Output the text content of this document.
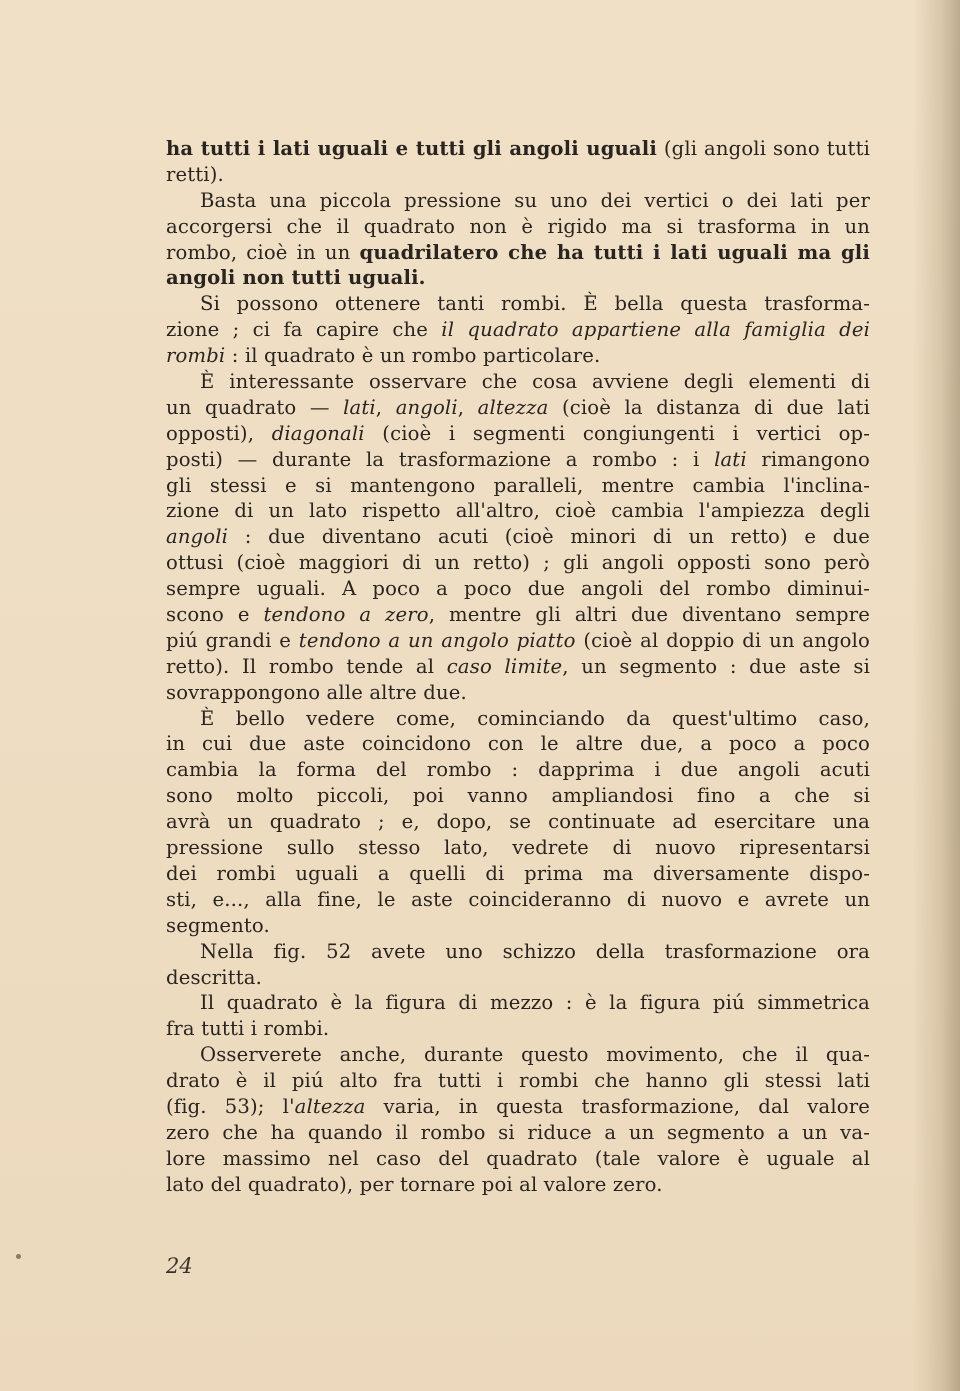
ha tutti i lati uguali e tutti gli angoli uguali (gli angoli sono tutti
retti).
Basta una piccola pressione su uno dei vertici o dei lati per
accorgersi che il quadrato non è rigido ma si trasforma in un
rombo, cioè in un quadrilatero che ha tutti i lati uguali ma gli
angoli non tutti uguali.
Si possono ottenere tanti rombi. È bella questa trasforma-
zione ; ci fa capire che il quadrato appartiene alla famiglia dei
rombi : il quadrato è un rombo particolare.
È interessante osservare che cosa avviene degli elementi di
un quadrato — lati, angoli, altezza (cioè la distanza di due lati
opposti), diagonali (cioè i segmenti congiungenti i vertici op-
posti) — durante la trasformazione a rombo : i lati rimangono
gli stessi e si mantengono paralleli, mentre cambia l'inclina-
zione di un lato rispetto all'altro, cioè cambia l'ampiezza degli
angoli : due diventano acuti (cioè minori di un retto) e due
ottusi (cioè maggiori di un retto) ; gli angoli opposti sono però
sempre uguali. A poco a poco due angoli del rombo diminui-
scono e tendono a zero, mentre gli altri due diventano sempre
piú grandi e tendono a un angolo piatto (cioè al doppio di un angolo
retto). Il rombo tende al caso limite, un segmento : due aste si
sovrappongono alle altre due.
È bello vedere come, cominciando da quest'ultimo caso,
in cui due aste coincidono con le altre due, a poco a poco
cambia la forma del rombo : dapprima i due angoli acuti
sono molto piccoli, poi vanno ampliandosi fino a che si
avrà un quadrato ; e, dopo, se continuate ad esercitare una
pressione sullo stesso lato, vedrete di nuovo ripresentarsi
dei rombi uguali a quelli di prima ma diversamente dispo-
sti, e..., alla fine, le aste coincideranno di nuovo e avrete un
segmento.
Nella fig. 52 avete uno schizzo della trasformazione ora
descritta.
Il quadrato è la figura di mezzo : è la figura piú simmetrica
fra tutti i rombi.
Osserverete anche, durante questo movimento, che il qua-
drato è il piú alto fra tutti i rombi che hanno gli stessi lati
(fig. 53); l'altezza varia, in questa trasformazione, dal valore
zero che ha quando il rombo si riduce a un segmento a un va-
lore massimo nel caso del quadrato (tale valore è uguale al
lato del quadrato), per tornare poi al valore zero.
24
